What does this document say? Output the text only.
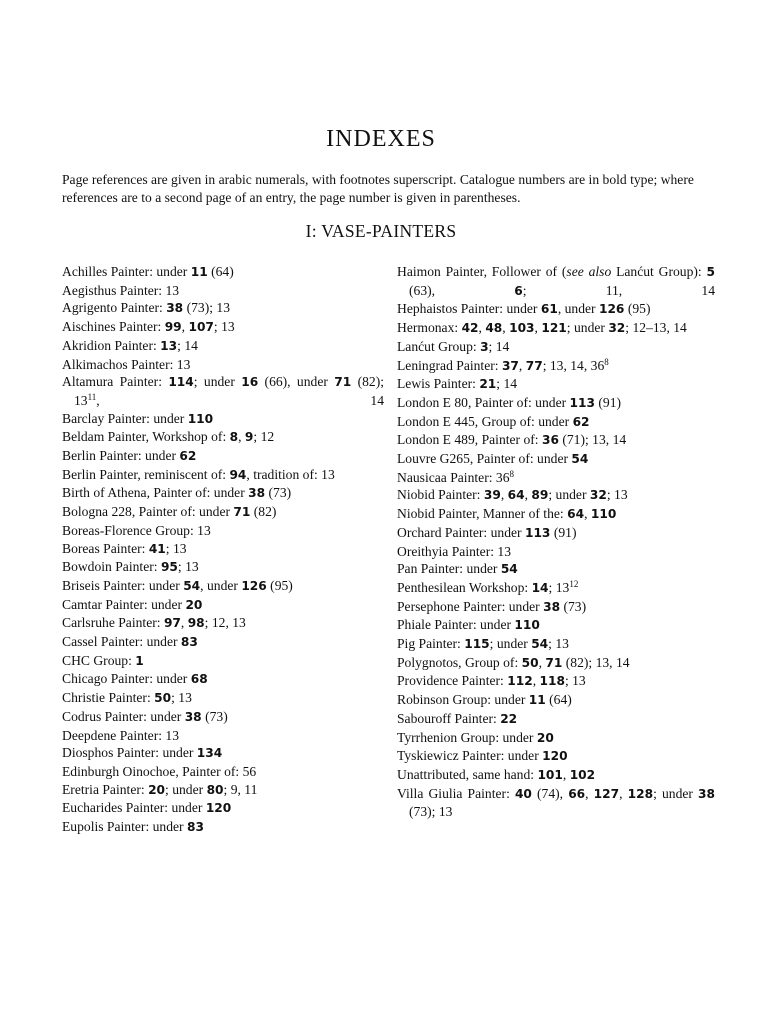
INDEXES

Page references are given in arabic numerals, with footnotes superscript. Catalogue numbers are in bold type; where references are to a second page of an entry, the page number is given in parentheses.

I: VASE-PAINTERS
Achilles Painter: under 11 (64)
Aegisthus Painter: 13
Agrigento Painter: 38 (73); 13
Aischines Painter: 99, 107; 13
Akridion Painter: 13; 14
Alkimachos Painter: 13
Altamura Painter: 114; under 16 (66), under 71 (82); $13^{11}$, 14
Barclay Painter: under 110
Beldam Painter, Workshop of: 8, 9; 12
Berlin Painter: under 62
Berlin Painter, reminiscent of: 94, tradition of: 13
Birth of Athena, Painter of: under 38 (73)
Bologna 228, Painter of: under 71 (82)
Boreas-Florence Group: 13
Boreas Painter: 41; 13
Bowdoin Painter: 95; 13
Briseis Painter: under 54, under 126 (95)
Camtar Painter: under 20
Carlsruhe Painter: 97, 98; 12, 13
Cassel Painter: under 83
CHC Group: 1
Chicago Painter: under 68
Christie Painter: 50; 13
Codrus Painter: under 38 (73)
Deepdene Painter: 13
Diosphos Painter: under 134
Edinburgh Oinochoe, Painter of: 56
Eretria Painter: 20; under 80; 9, 11
Eucharides Painter: under 120
Eupolis Painter: under 83
Haimon Painter, Follower of (see also Lanćut Group): 5 (63), 6; 11, 14
Hephaistos Painter: under 61, under 126 (95)
Hermonax: 42, 48, 103, 121; under 32; 12–13, 14
Lanćut Group: 3; 14
Leningrad Painter: 37, 77; 13, 14, $36^8$
Lewis Painter: 21; 14
London E 80, Painter of: under 113 (91)
London E 445, Group of: under 62
London E 489, Painter of: 36 (71); 13, 14
Louvre G265, Painter of: under 54
Nausicaa Painter: $36^8$
Niobid Painter: 39, 64, 89; under 32; 13
Niobid Painter, Manner of the: 64, 110
Orchard Painter: under 113 (91)
Oreithyia Painter: 13
Pan Painter: under 54
Penthesilean Workshop: 14; $13^{12}$
Persephone Painter: under 38 (73)
Phiale Painter: under 110
Pig Painter: 115; under 54; 13
Polygnotos, Group of: 50, 71 (82); 13, 14
Providence Painter: 112, 118; 13
Robinson Group: under 11 (64)
Sabouroff Painter: 22
Tyrrhenion Group: under 20
Tyskiewicz Painter: under 120
Unattributed, same hand: 101, 102
Villa Giulia Painter: 40 (74), 66, 127, 128; under 38 (73); 13
